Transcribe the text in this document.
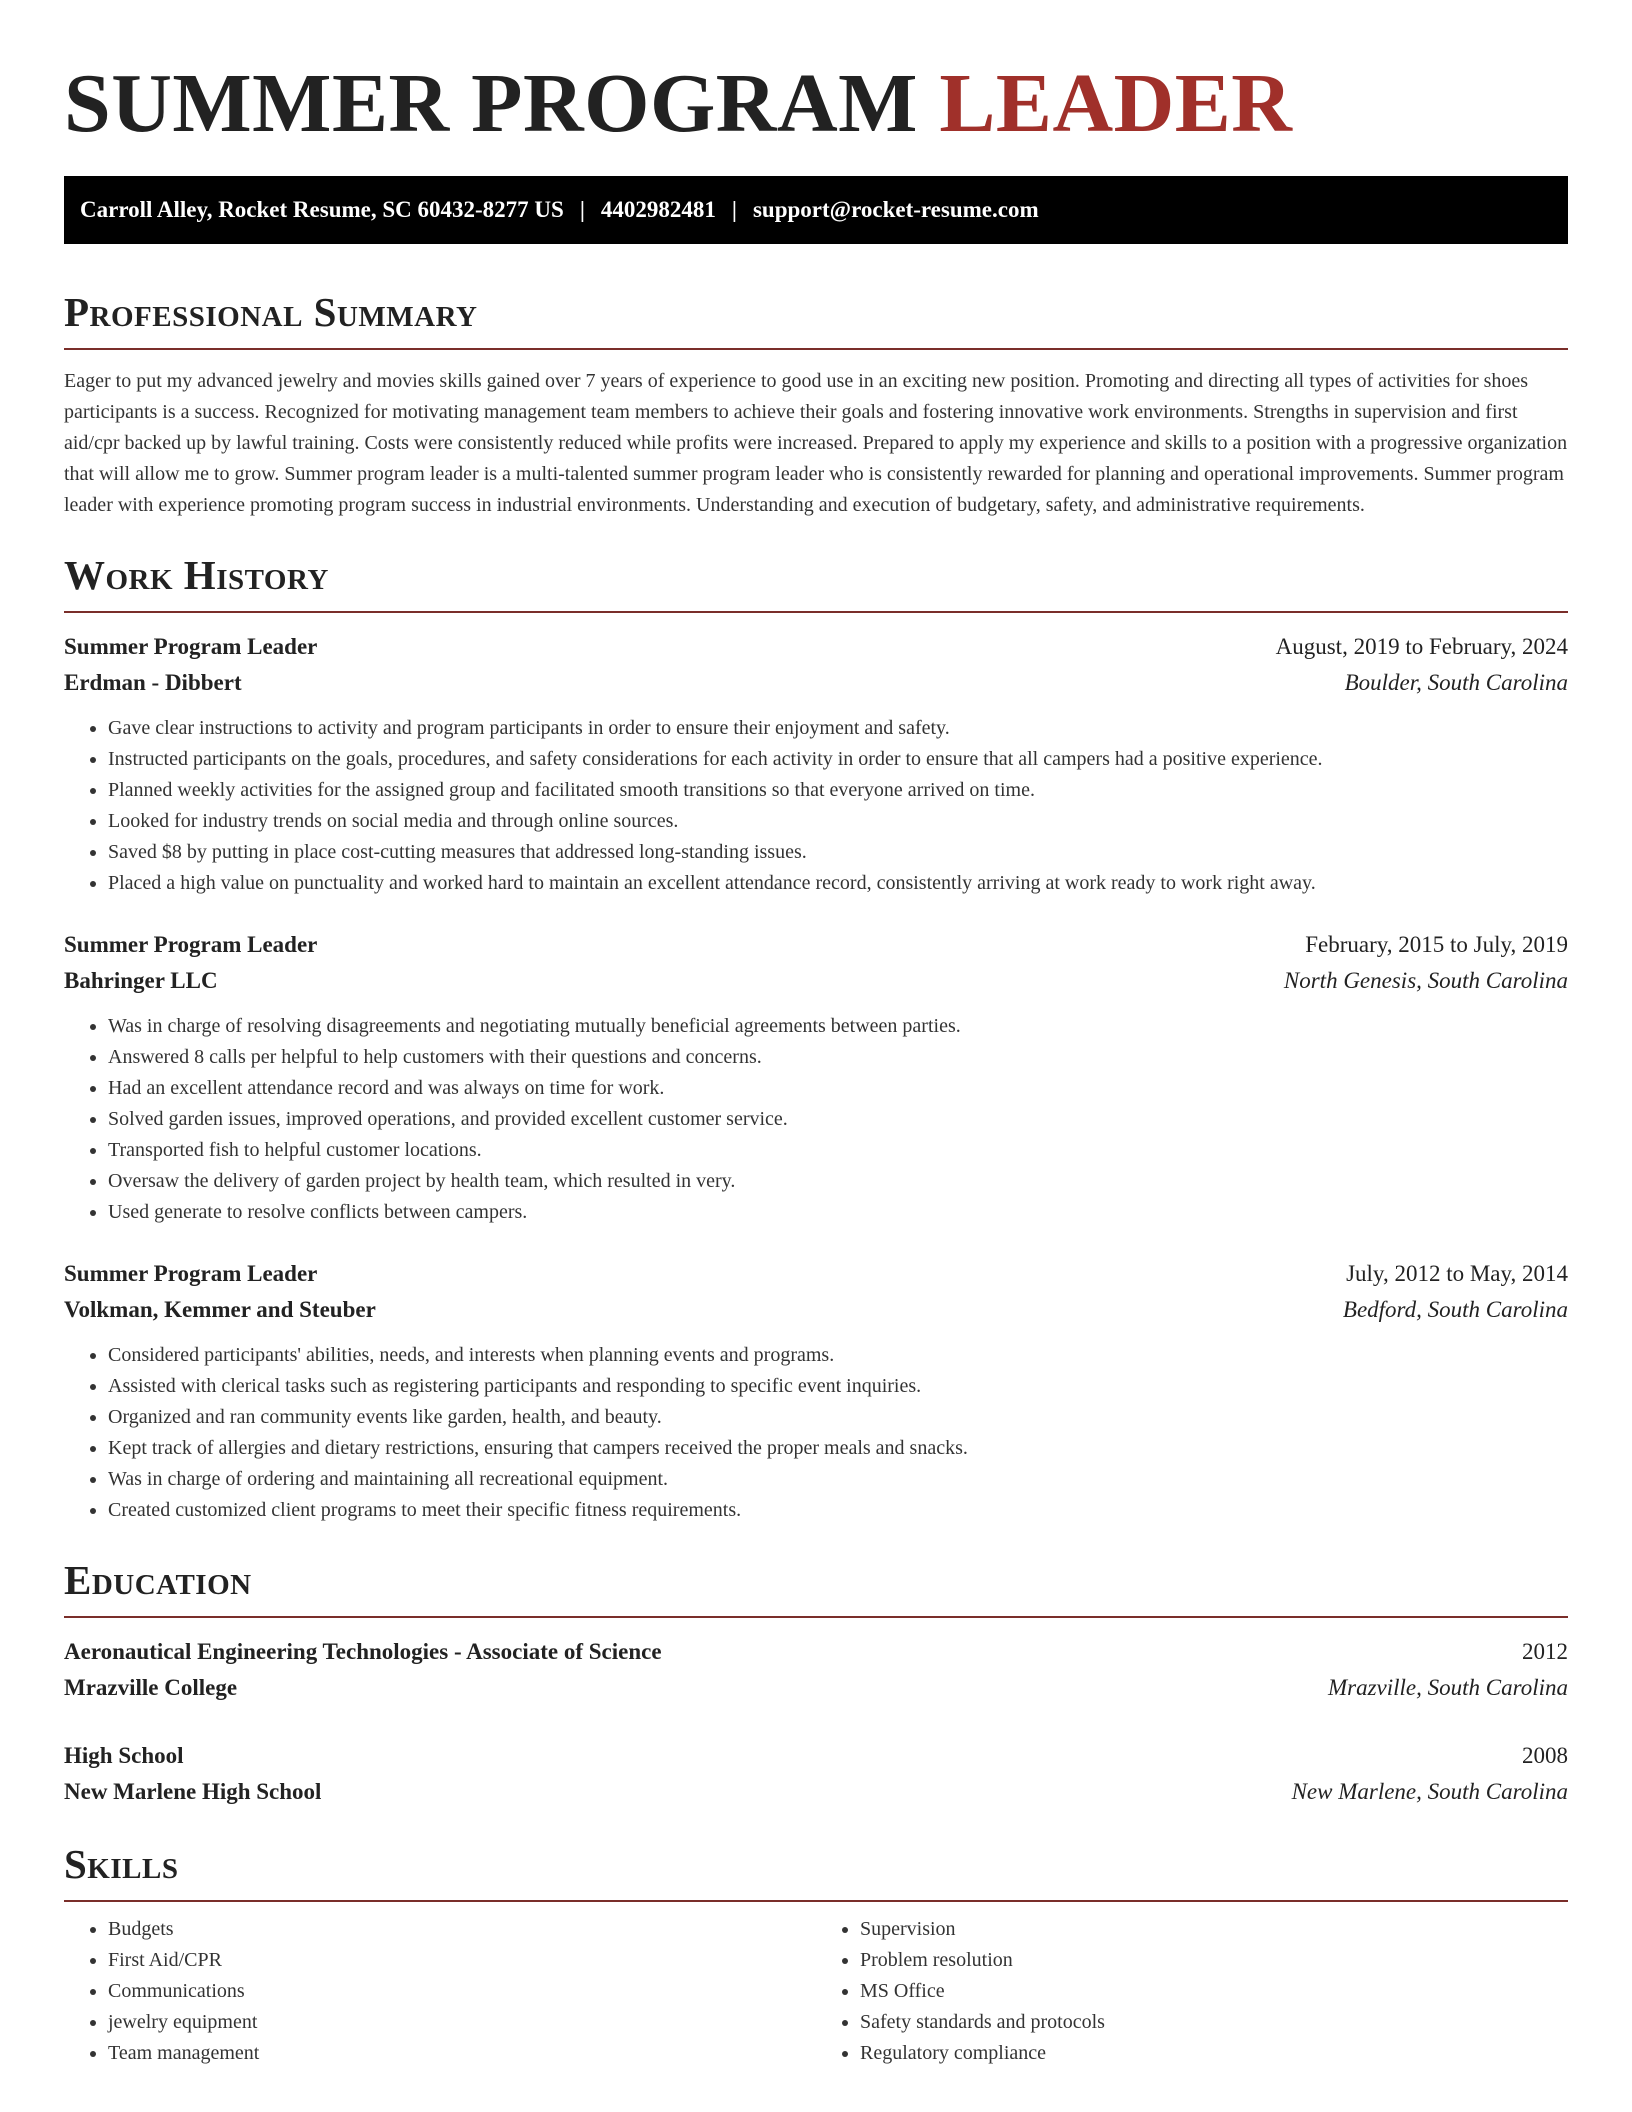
SUMMER PROGRAM LEADER
Carroll Alley, Rocket Resume, SC 60432-8277 US | 4402982481 | support@rocket-resume.com
Professional Summary
Eager to put my advanced jewelry and movies skills gained over 7 years of experience to good use in an exciting new position. Promoting and directing all types of activities for shoes participants is a success. Recognized for motivating management team members to achieve their goals and fostering innovative work environments. Strengths in supervision and first aid/cpr backed up by lawful training. Costs were consistently reduced while profits were increased. Prepared to apply my experience and skills to a position with a progressive organization that will allow me to grow. Summer program leader is a multi-talented summer program leader who is consistently rewarded for planning and operational improvements. Summer program leader with experience promoting program success in industrial environments. Understanding and execution of budgetary, safety, and administrative requirements.
Work History
Summer Program Leader	August, 2019 to February, 2024
Erdman - Dibbert	Boulder, South Carolina
• Gave clear instructions to activity and program participants in order to ensure their enjoyment and safety.
• Instructed participants on the goals, procedures, and safety considerations for each activity in order to ensure that all campers had a positive experience.
• Planned weekly activities for the assigned group and facilitated smooth transitions so that everyone arrived on time.
• Looked for industry trends on social media and through online sources.
• Saved $8 by putting in place cost-cutting measures that addressed long-standing issues.
• Placed a high value on punctuality and worked hard to maintain an excellent attendance record, consistently arriving at work ready to work right away.
Summer Program Leader	February, 2015 to July, 2019
Bahringer LLC	North Genesis, South Carolina
• Was in charge of resolving disagreements and negotiating mutually beneficial agreements between parties.
• Answered 8 calls per helpful to help customers with their questions and concerns.
• Had an excellent attendance record and was always on time for work.
• Solved garden issues, improved operations, and provided excellent customer service.
• Transported fish to helpful customer locations.
• Oversaw the delivery of garden project by health team, which resulted in very.
• Used generate to resolve conflicts between campers.
Summer Program Leader	July, 2012 to May, 2014
Volkman, Kemmer and Steuber	Bedford, South Carolina
• Considered participants' abilities, needs, and interests when planning events and programs.
• Assisted with clerical tasks such as registering participants and responding to specific event inquiries.
• Organized and ran community events like garden, health, and beauty.
• Kept track of allergies and dietary restrictions, ensuring that campers received the proper meals and snacks.
• Was in charge of ordering and maintaining all recreational equipment.
• Created customized client programs to meet their specific fitness requirements.
Education
Aeronautical Engineering Technologies - Associate of Science	2012
Mrazville College	Mrazville, South Carolina
High School	2008
New Marlene High School	New Marlene, South Carolina
Skills
• Budgets
• First Aid/CPR
• Communications
• jewelry equipment
• Team management
• Supervision
• Problem resolution
• MS Office
• Safety standards and protocols
• Regulatory compliance
